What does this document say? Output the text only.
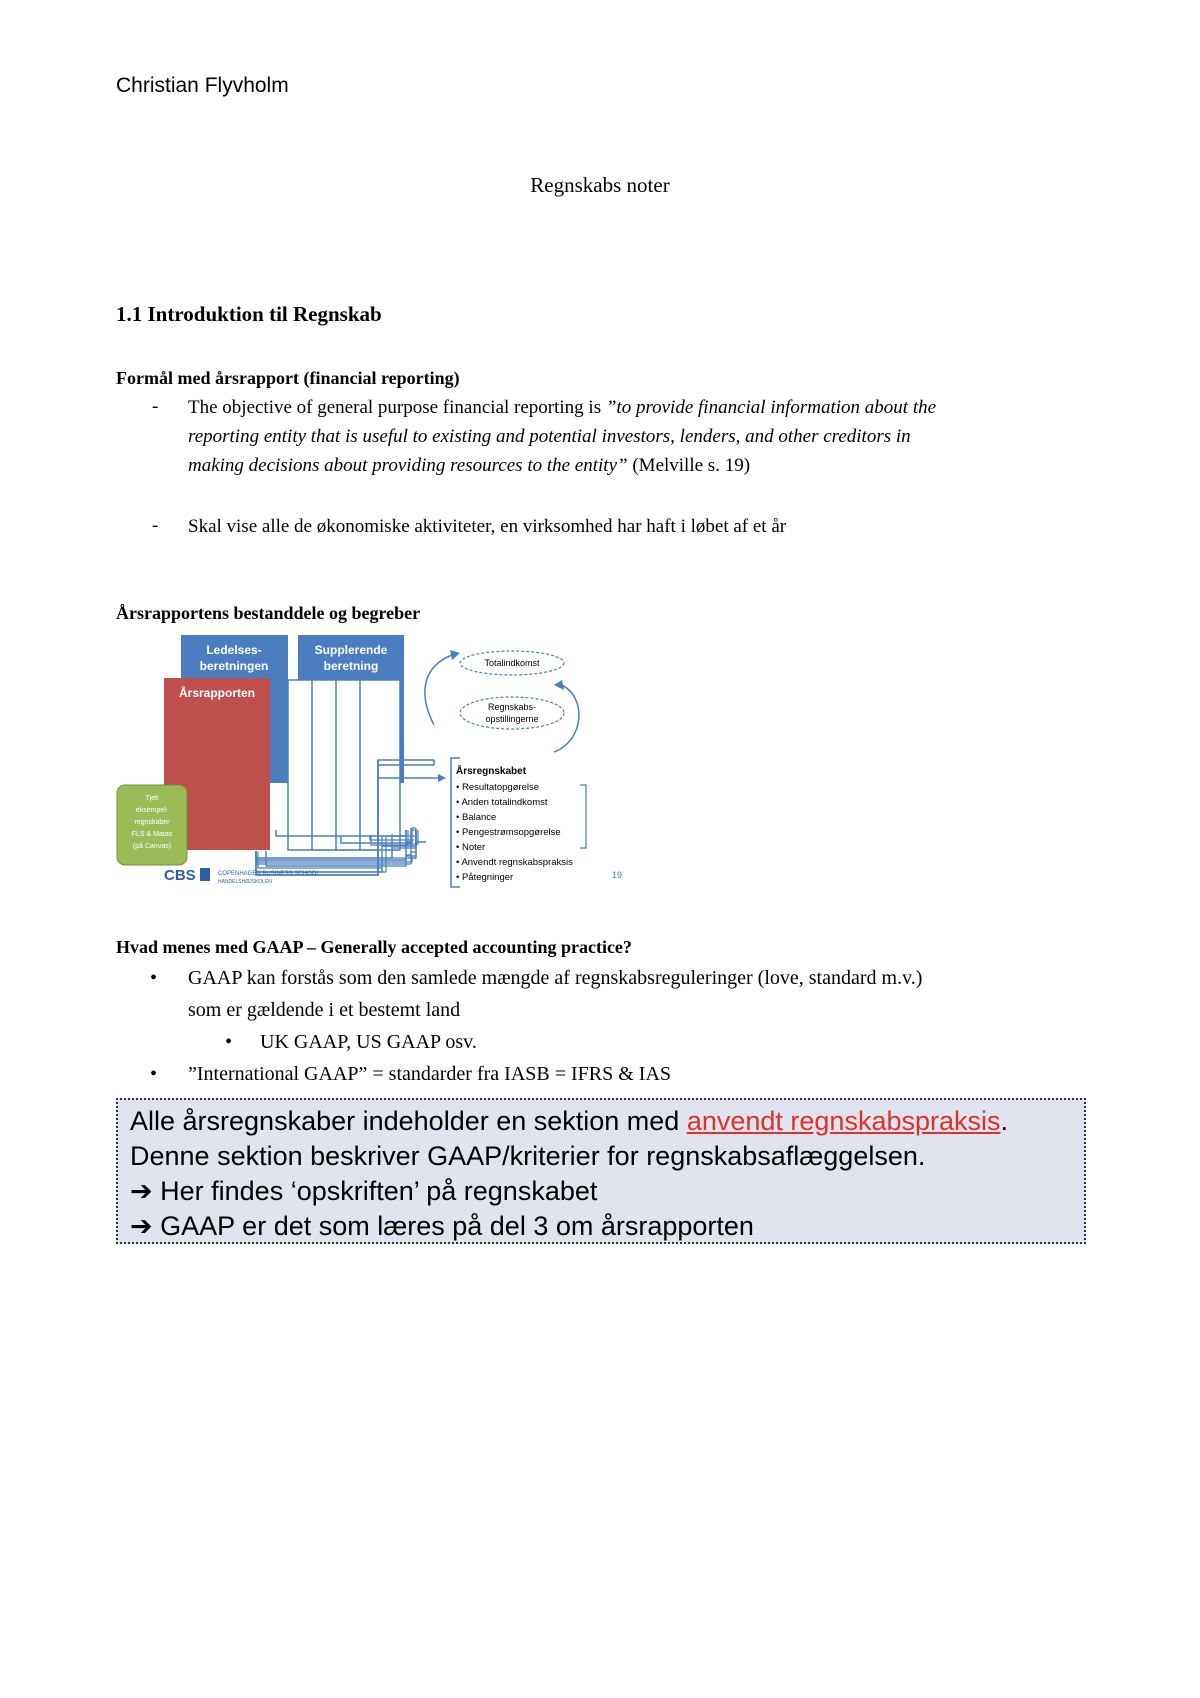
Christian Flyvholm
Regnskabs noter
1.1 Introduktion til Regnskab
Formål med årsrapport (financial reporting)
- The objective of general purpose financial reporting is ”to provide financial information about the
reporting entity that is useful to existing and potential investors, lenders, and other creditors in
making decisions about providing resources to the entity” (Melville s. 19)
- Skal vise alle de økonomiske aktiviteter, en virksomhed har haft i løbet af et år
Årsrapportens bestanddele og begreber
Ledelses-
beretningen
Supplerende
beretning
Årsrapporten
Tjek
eksempel-
regnskaber
FLS & Matas
(på Canvas)
Totalindkomst
Regnskabs-
opstillingerne
Årsregnskabet
• Resultatopgørelse
• Anden totalindkomst
• Balance
• Pengestrømsopgørelse
• Noter
• Anvendt regnskabspraksis
• Påtegninger	19
CBS	COPENHAGEN BUSINESS SCHOOL
HANDELSHØJSKOLEN
Hvad menes med GAAP – Generally accepted accounting practice?
• GAAP kan forstås som den samlede mængde af regnskabsreguleringer (love, standard m.v.)
som er gældende i et bestemt land
• UK GAAP, US GAAP osv.
• ”International GAAP” = standarder fra IASB = IFRS & IAS
Alle årsregnskaber indeholder en sektion med anvendt regnskabspraksis.
Denne sektion beskriver GAAP/kriterier for regnskabsaflæggelsen.
➔ Her findes ‘opskriften’ på regnskabet
➔ GAAP er det som læres på del 3 om årsrapporten
